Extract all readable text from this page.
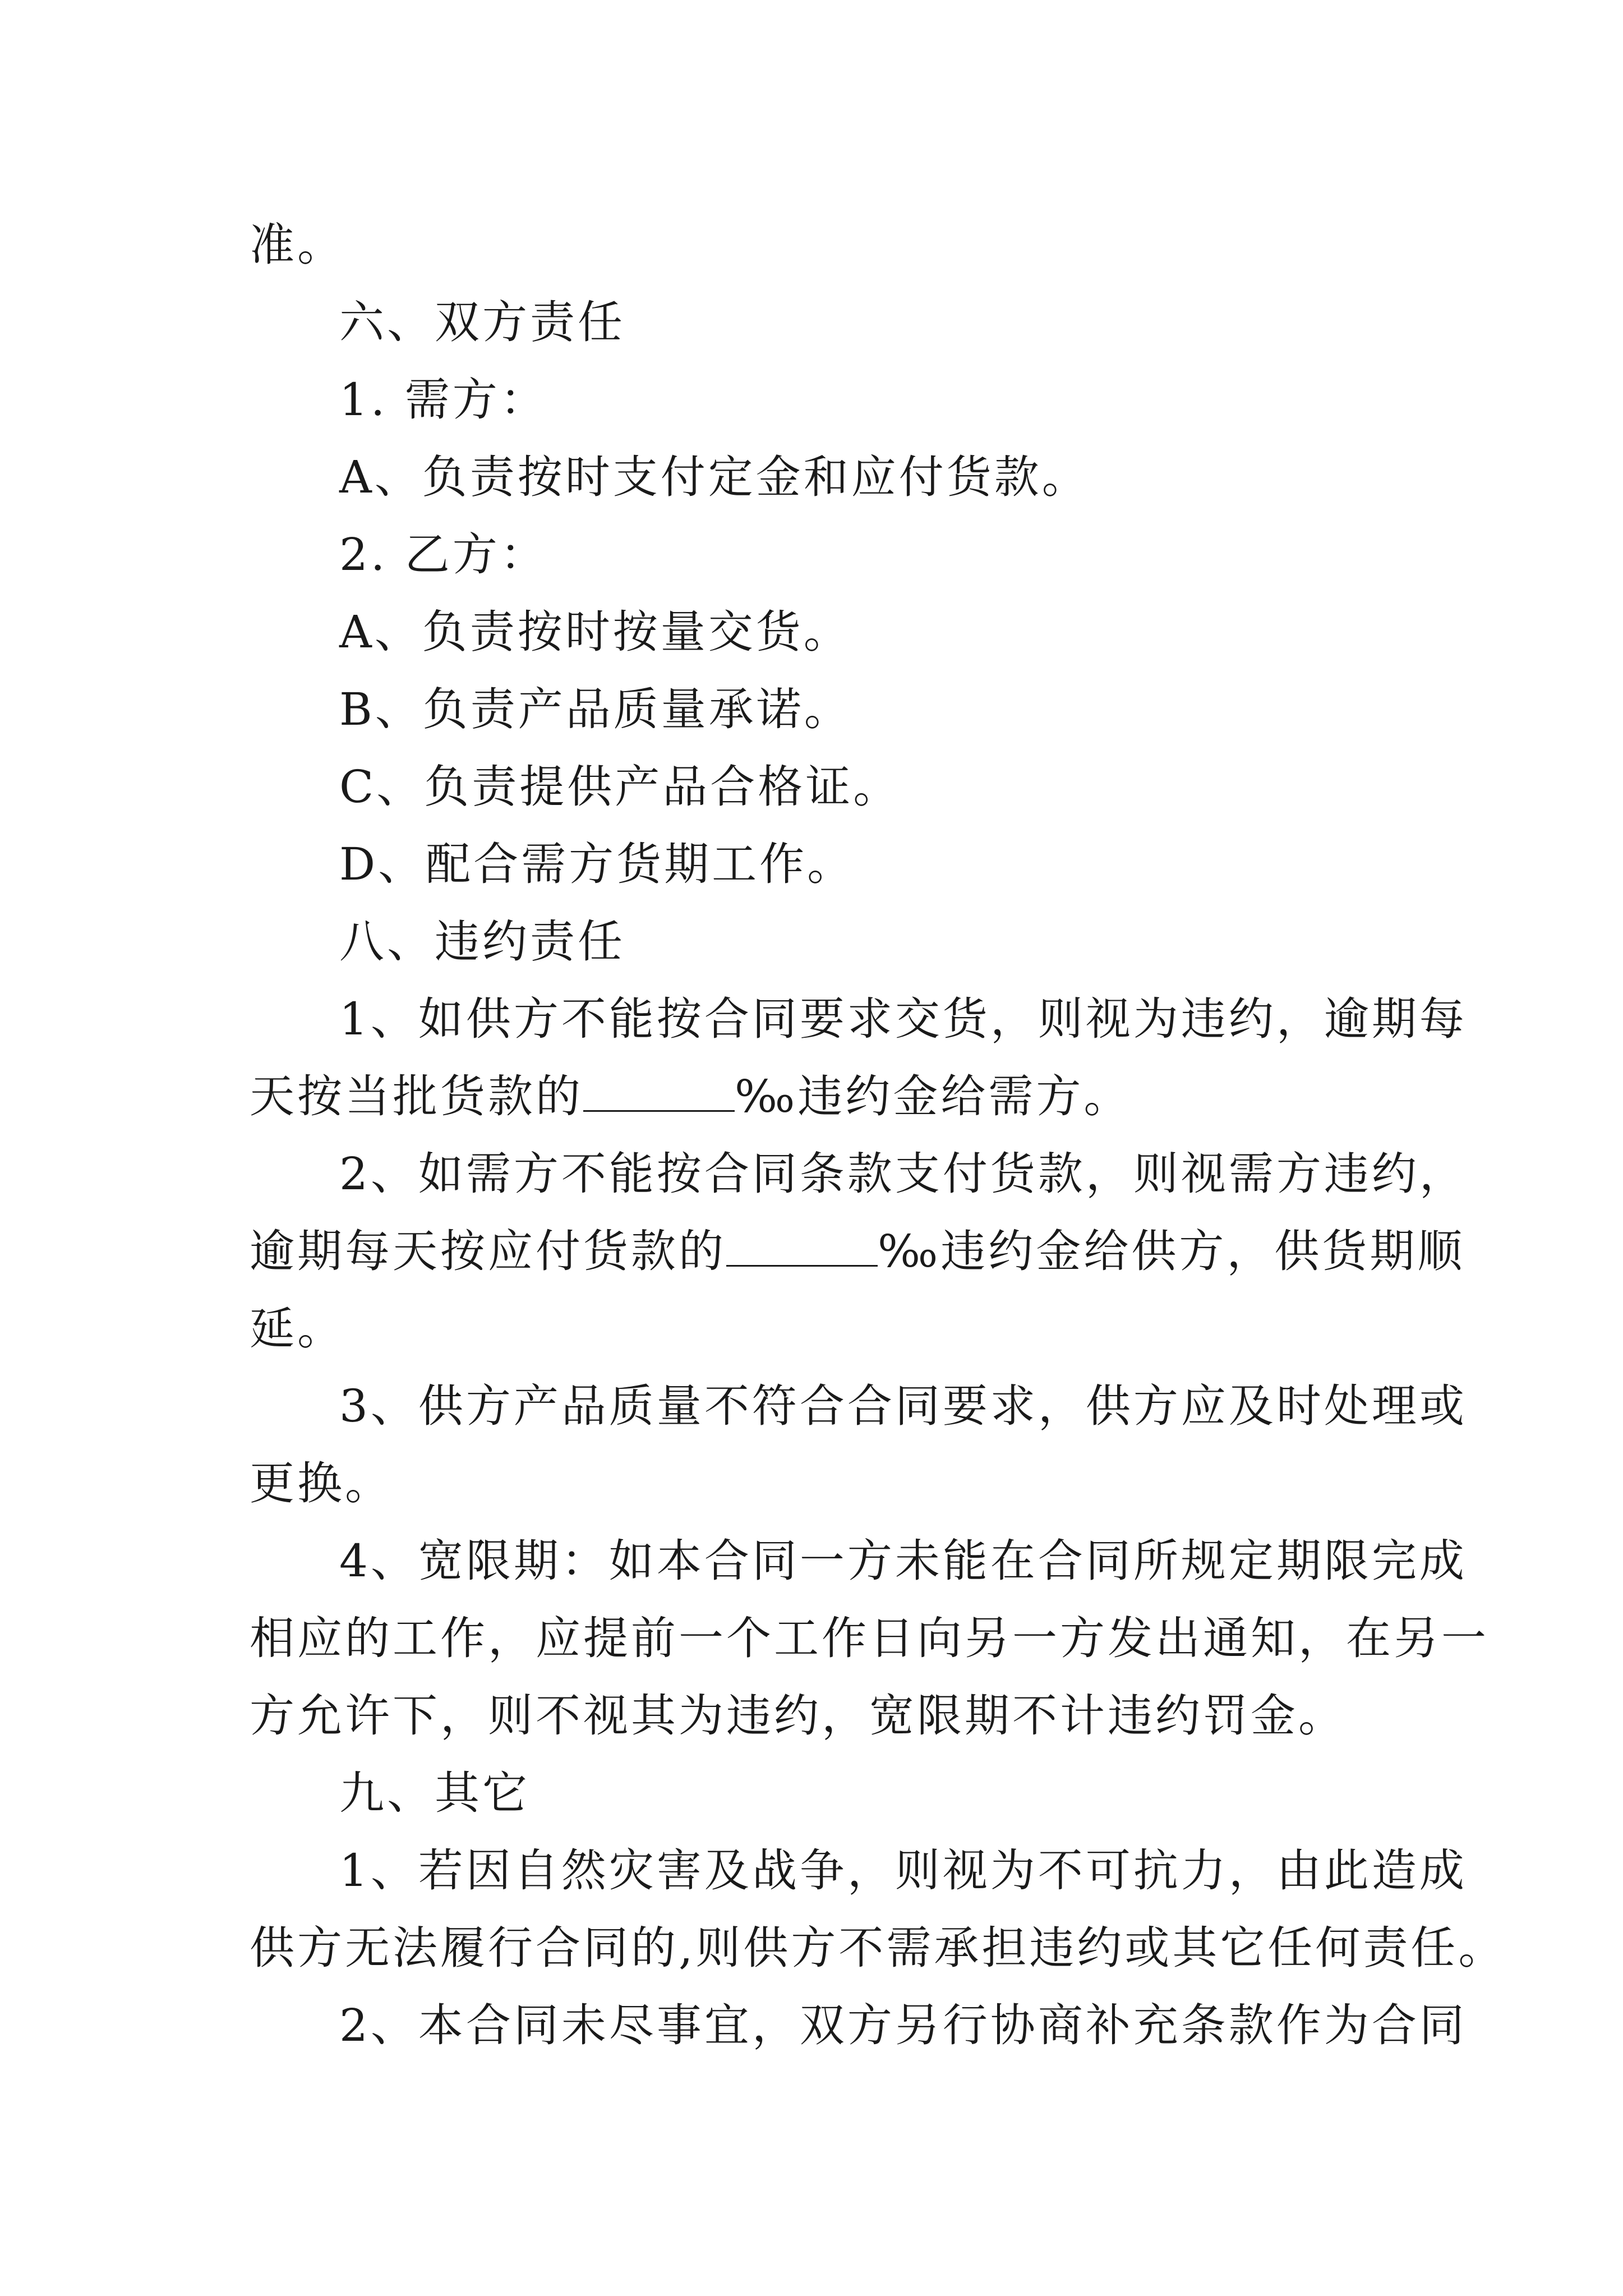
准。
六、双方责任
1. 需方：
A、负责按时支付定金和应付货款。
2. 乙方：
A、负责按时按量交货。
B、负责产品质量承诺。
C、负责提供产品合格证。
D、配合需方货期工作。
八、违约责任
1、如供方不能按合同要求交货，则视为违约，逾期每
天按当批货款的	‰违约金给需方。
2、如需方不能按合同条款支付货款，则视需方违约，
逾期每天按应付货款的	‰违约金给供方，供货期顺
延。
3、供方产品质量不符合合同要求，供方应及时处理或
更换。
4、宽限期：如本合同一方未能在合同所规定期限完成
相应的工作，应提前一个工作日向另一方发出通知，在另一
方允许下，则不视其为违约，宽限期不计违约罚金。
九、其它
1、若因自然灾害及战争，则视为不可抗力，由此造成
供方无法履行合同的,则供方不需承担违约或其它任何责任。
2、本合同未尽事宜，双方另行协商补充条款作为合同
